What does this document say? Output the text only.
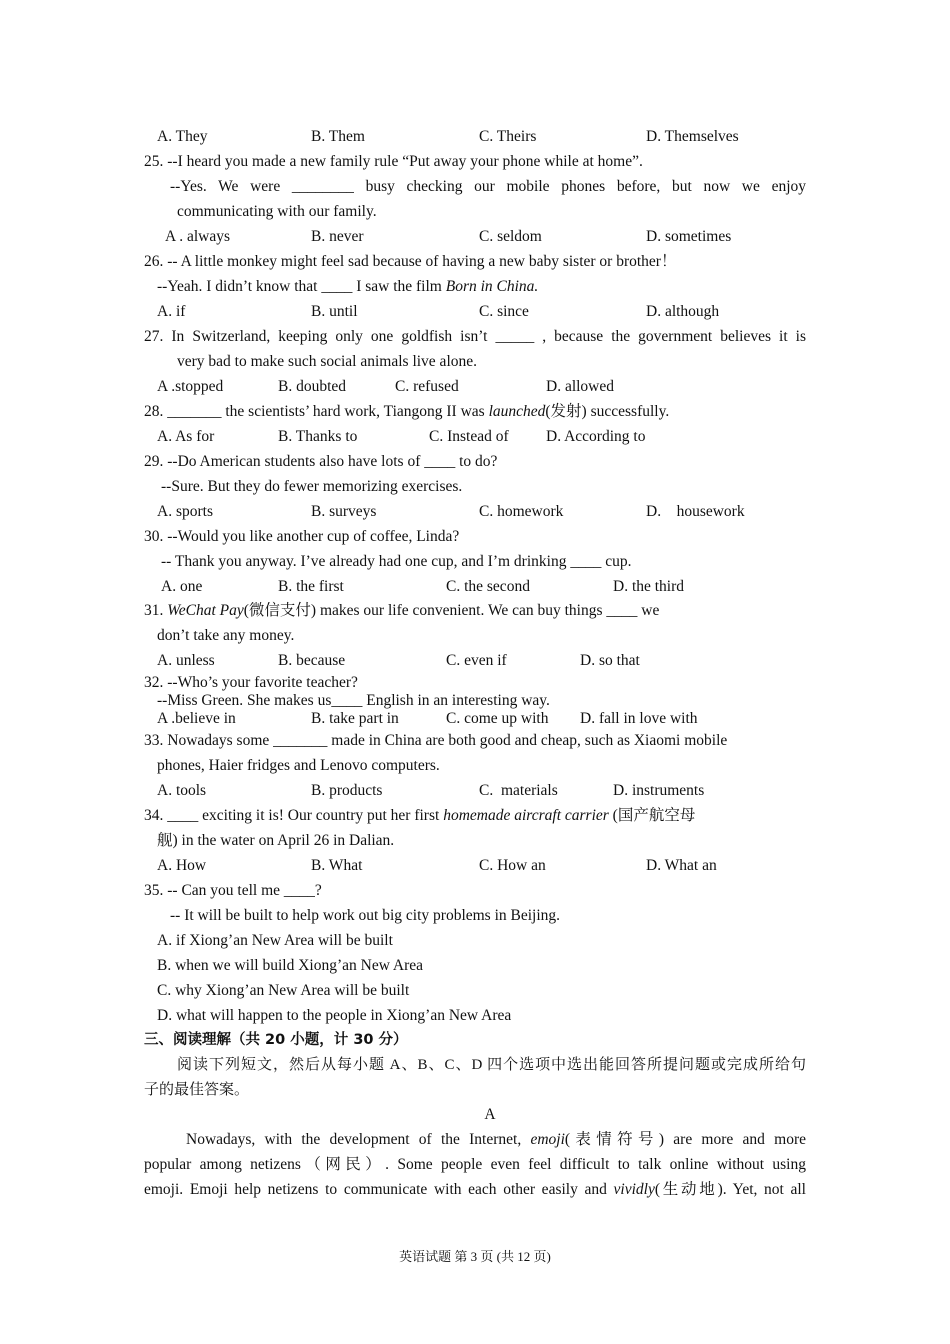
A. They	B. Them	C. Theirs	D. Themselves
25. --I heard you made a new family rule “Put away your phone while at home”.
--Yes. We were ________ busy checking our mobile phones before, but now we enjoy
communicating with our family.
A . always	B. never	C. seldom	D. sometimes
26. -- A little monkey might feel sad because of having a new baby sister or brother！
--Yeah. I didn’t know that ____ I saw the film Born in China.
A. if	B. until	C. since	D. although
27. In Switzerland, keeping only one goldfish isn’t _____ , because the government believes it is
very bad to make such social animals live alone.
A .stopped	B. doubted	C. refused	D. allowed
28. _______ the scientists’ hard work, Tiangong II was launched(发射) successfully.
A. As for	B. Thanks to	C. Instead of D. According to
29. --Do American students also have lots of ____ to do?
--Sure. But they do fewer memorizing exercises.
A. sports	B. surveys	C. homework	D.    housework
30. --Would you like another cup of coffee, Linda?
-- Thank you anyway. I’ve already had one cup, and I’m drinking ____ cup.
A. one	B. the first	C. the second	D. the third
31. WeChat Pay(微信支付) makes our life convenient. We can buy things ____ we
don’t take any money.
A. unless	B. because	C. even if	D. so that
32. --Who’s your favorite teacher?
--Miss Green. She makes us____ English in an interesting way.
A .believe in	B. take part in	C. come up with D. fall in love with
33. Nowadays some _______ made in China are both good and cheap, such as Xiaomi mobile
phones, Haier fridges and Lenovo computers.
A. tools	B. products	C.  materials	D. instruments
34. ____ exciting it is! Our country put her first homemade aircraft carrier (国产航空母
舰) in the water on April 26 in Dalian.
A. How	B. What	C. How an	D. What an
35. -- Can you tell me ____?
-- It will be built to help work out big city problems in Beijing.
A. if Xiong’an New Area will be built
B. when we will build Xiong’an New Area
C. why Xiong’an New Area will be built
D. what will happen to the people in Xiong’an New Area
三、阅读理解（共 20 小题，计 30 分）
阅读下列短文，然后从每小题 A、B、C、D 四个选项中选出能回答所提问题或完成所给句
子的最佳答案。
A
Nowadays, with the development of the Internet, emoji(表情符号) are more and more
popular among netizens（网民）. Some people even feel difficult to talk online without using
emoji. Emoji help netizens to communicate with each other easily and vividly(生动地). Yet, not all
英语试题 第 3 页 (共 12 页)
